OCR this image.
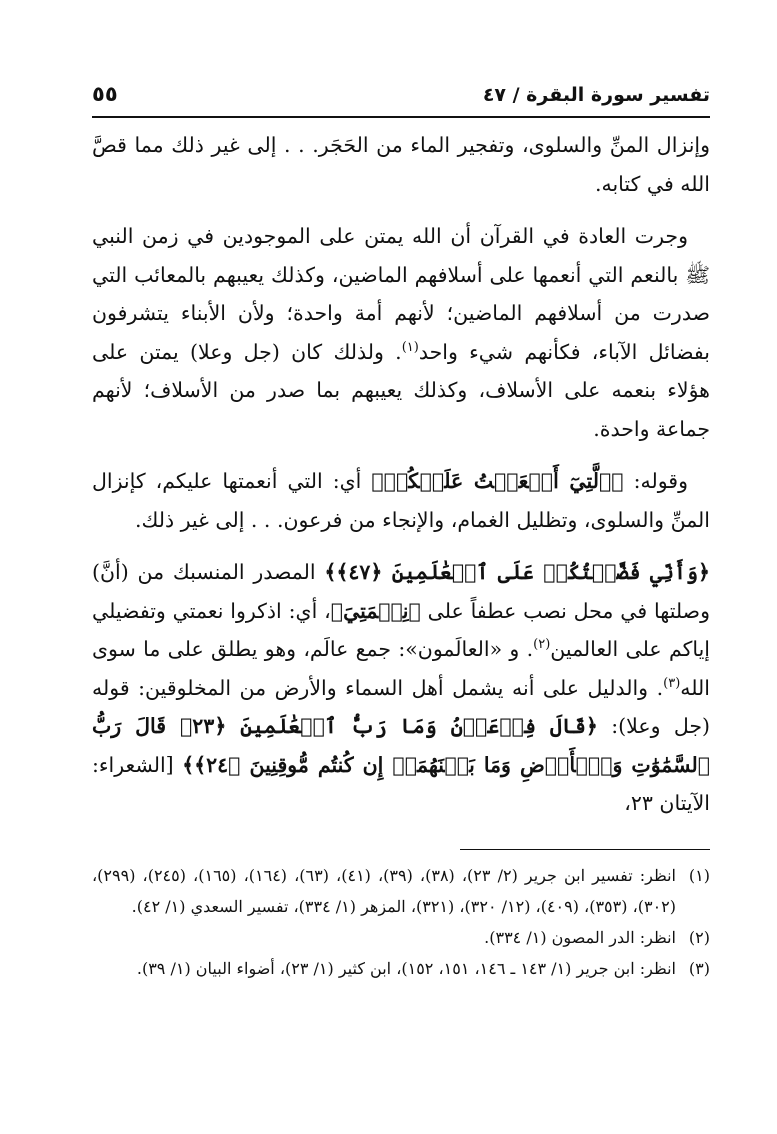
تفسير سورة البقرة / ٤٧
٥٥

وإنزال المنِّ والسلوى، وتفجير الماء من الحَجَر. . . إلى غير ذلك مما قصَّ الله في كتابه.

وجرت العادة في القرآن أن الله يمتن على الموجودين في زمن النبي ﷺ بالنعم التي أنعمها على أسلافهم الماضين، وكذلك يعيبهم بالمعائب التي صدرت من أسلافهم الماضين؛ لأنهم أمة واحدة؛ ولأن الأبناء يتشرفون بفضائل الآباء، فكأنهم شيء واحد$^{(١)}$. ولذلك كان (جل وعلا) يمتن على هؤلاء بنعمه على الأسلاف، وكذلك يعيبهم بما صدر من الأسلاف؛ لأنهم جماعة واحدة.

وقوله: ﴿ٱلَّتِيٓ أَنۡعَمۡتُ عَلَيۡكُمۡ﴾ أي: التي أنعمتها عليكم، كإنزال المنِّ والسلوى، وتظليل الغمام، والإنجاء من فرعون. . . إلى غير ذلك.

﴿وَأَنِّي فَضَّلۡتُكُمۡ عَلَى ٱلۡعَٰلَمِينَ ﴿٤٧﴾﴾ المصدر المنسبك من (أنَّ) وصلتها في محل نصب عطفاً على ﴿نِعۡمَتِيَ﴾، أي: اذكروا نعمتي وتفضيلي إياكم على العالمين$^{(٢)}$. و «العالَمون»: جمع عالَم، وهو يطلق على ما سوى الله$^{(٣)}$. والدليل على أنه يشمل أهل السماء والأرض من المخلوقين: قوله (جل وعلا): ﴿قَالَ فِرۡعَوۡنُ وَمَا رَبُّ ٱلۡعَٰلَمِينَ ﴿٢٣﴾ قَالَ رَبُّ ٱلسَّمَٰوَٰتِ وَٱلۡأَرۡضِ وَمَا بَيۡنَهُمَآۖ إِن كُنتُم مُّوقِنِينَ ﴿٢٤﴾﴾ [الشعراء: الآيتان ٢٣،

(١)
انظر: تفسير ابن جرير (٢/ ٢٣)، (٣٨)، (٣٩)، (٤١)، (٦٣)، (١٦٤)، (١٦٥)، (٢٤٥)، (٢٩٩)، (٣٠٢)، (٣٥٣)، (٤٠٩)، (١٢/ ٣٢٠)، (٣٢١)، المزهر (١/ ٣٣٤)، تفسير السعدي (١/ ٤٢).

(٢)
انظر: الدر المصون (١/ ٣٣٤).

(٣)
انظر: ابن جرير (١/ ١٤٣ ـ ١٤٦، ١٥١، ١٥٢)، ابن كثير (١/ ٢٣)، أضواء البيان (١/ ٣٩).
